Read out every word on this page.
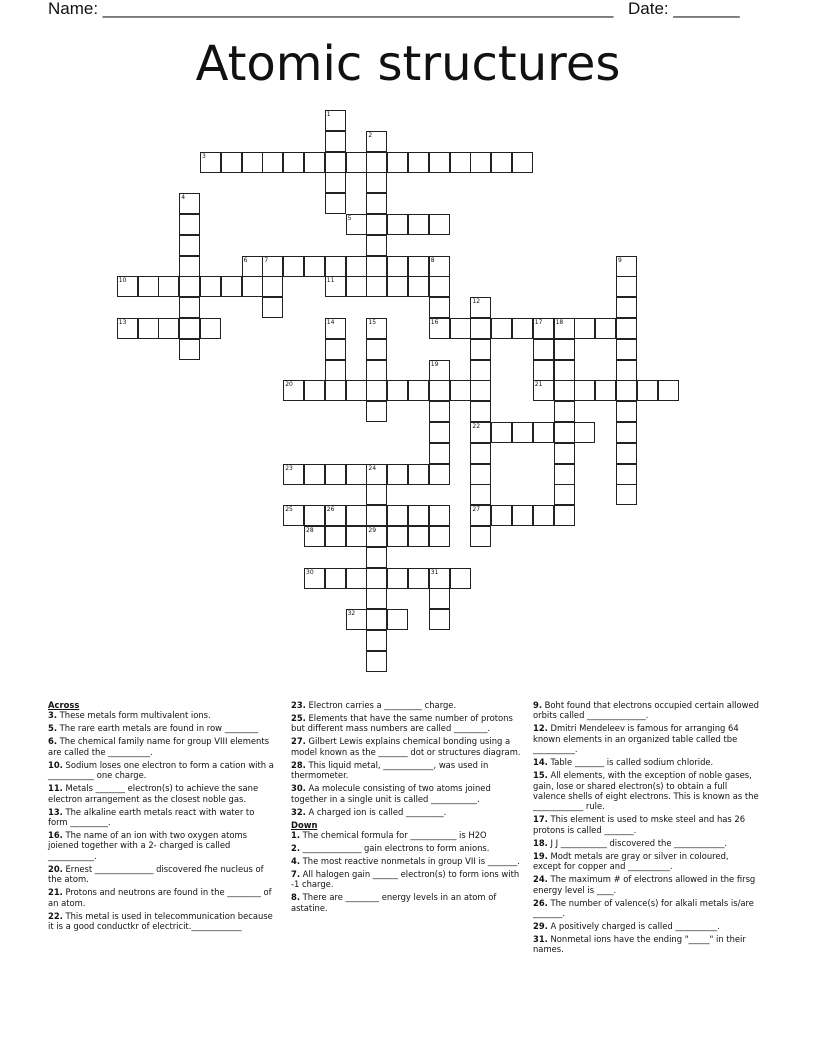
Name: ______________________________________________________ Date: _______
Atomic structures
3
5
6	7	8
10	11
13	16	17 18
20	21
22
23	24
25	26	27
28	29
30	31
32
1
2
4
9
12
14	15
19
Across
3. These metals form multivalent ions.
5. The rare earth metals are found in row ________
6. The chemical family name for group VIII elements are called the __________.
10. Sodium loses one electron to form a cation with a ___________ one charge.
11. Metals _______ electron(s) to achieve the sane electron arrangement as the closest noble gas.
13. The alkaline earth metals react with water to form _________.
16. The name of an ion with two oxygen atoms joiened together with a 2- charged is called ___________.
20. Ernest ______________ discovered fhe nucleus of the atom.
21. Protons and neutrons are found in the ________ of an atom.
22. This metal is used in telecommunication because it is a good conductkr of electricit.____________
23. Electron carries a _________ charge.
25. Elements that have the same number of protons but different mass numbers are called ________.
27. Gilbert Lewis explains chemical bonding using a model known as the _______ dot or structures diagram.
28. This liquid metal, ____________, was used in thermometer.
30. Aa molecule consisting of two atoms joined together in a single unit is called ___________.
32. A charged ion is called _________.
Down
1. The chemical formula for ___________ is H2O
2. ______________ gain electrons to form anions.
4. The most reactive nonmetals in group VII is _______.
7. All halogen gain ______ electron(s) to form ions with -1 charge.
8. There are ________ energy levels in an atom of astatine.
9. Boht found that electrons occupied certain allowed orbits called ______________.
12. Dmitri Mendeleev is famous for arranging 64 known elements in an organized table called tbe __________.
14. Table _______ is called sodium chloride.
15. All elements, with the exception of noble gases, gain, lose or shared electron(s) to obtain a full valence shells of eight electrons. This is known as the ____________ rule.
17. This element is used to mske steel and has 26 protons is called _______.
18. J J ___________ discovered the ____________.
19. Modt metals are gray or silver in coloured, except for copper and __________.
24. The maximum # of electrons allowed in the firsg energy level is ____.
26. The number of valence(s) for alkali metals is/are _______.
29. A positively charged is called __________.
31. Nonmetal ions have the ending "_____" in their names.
